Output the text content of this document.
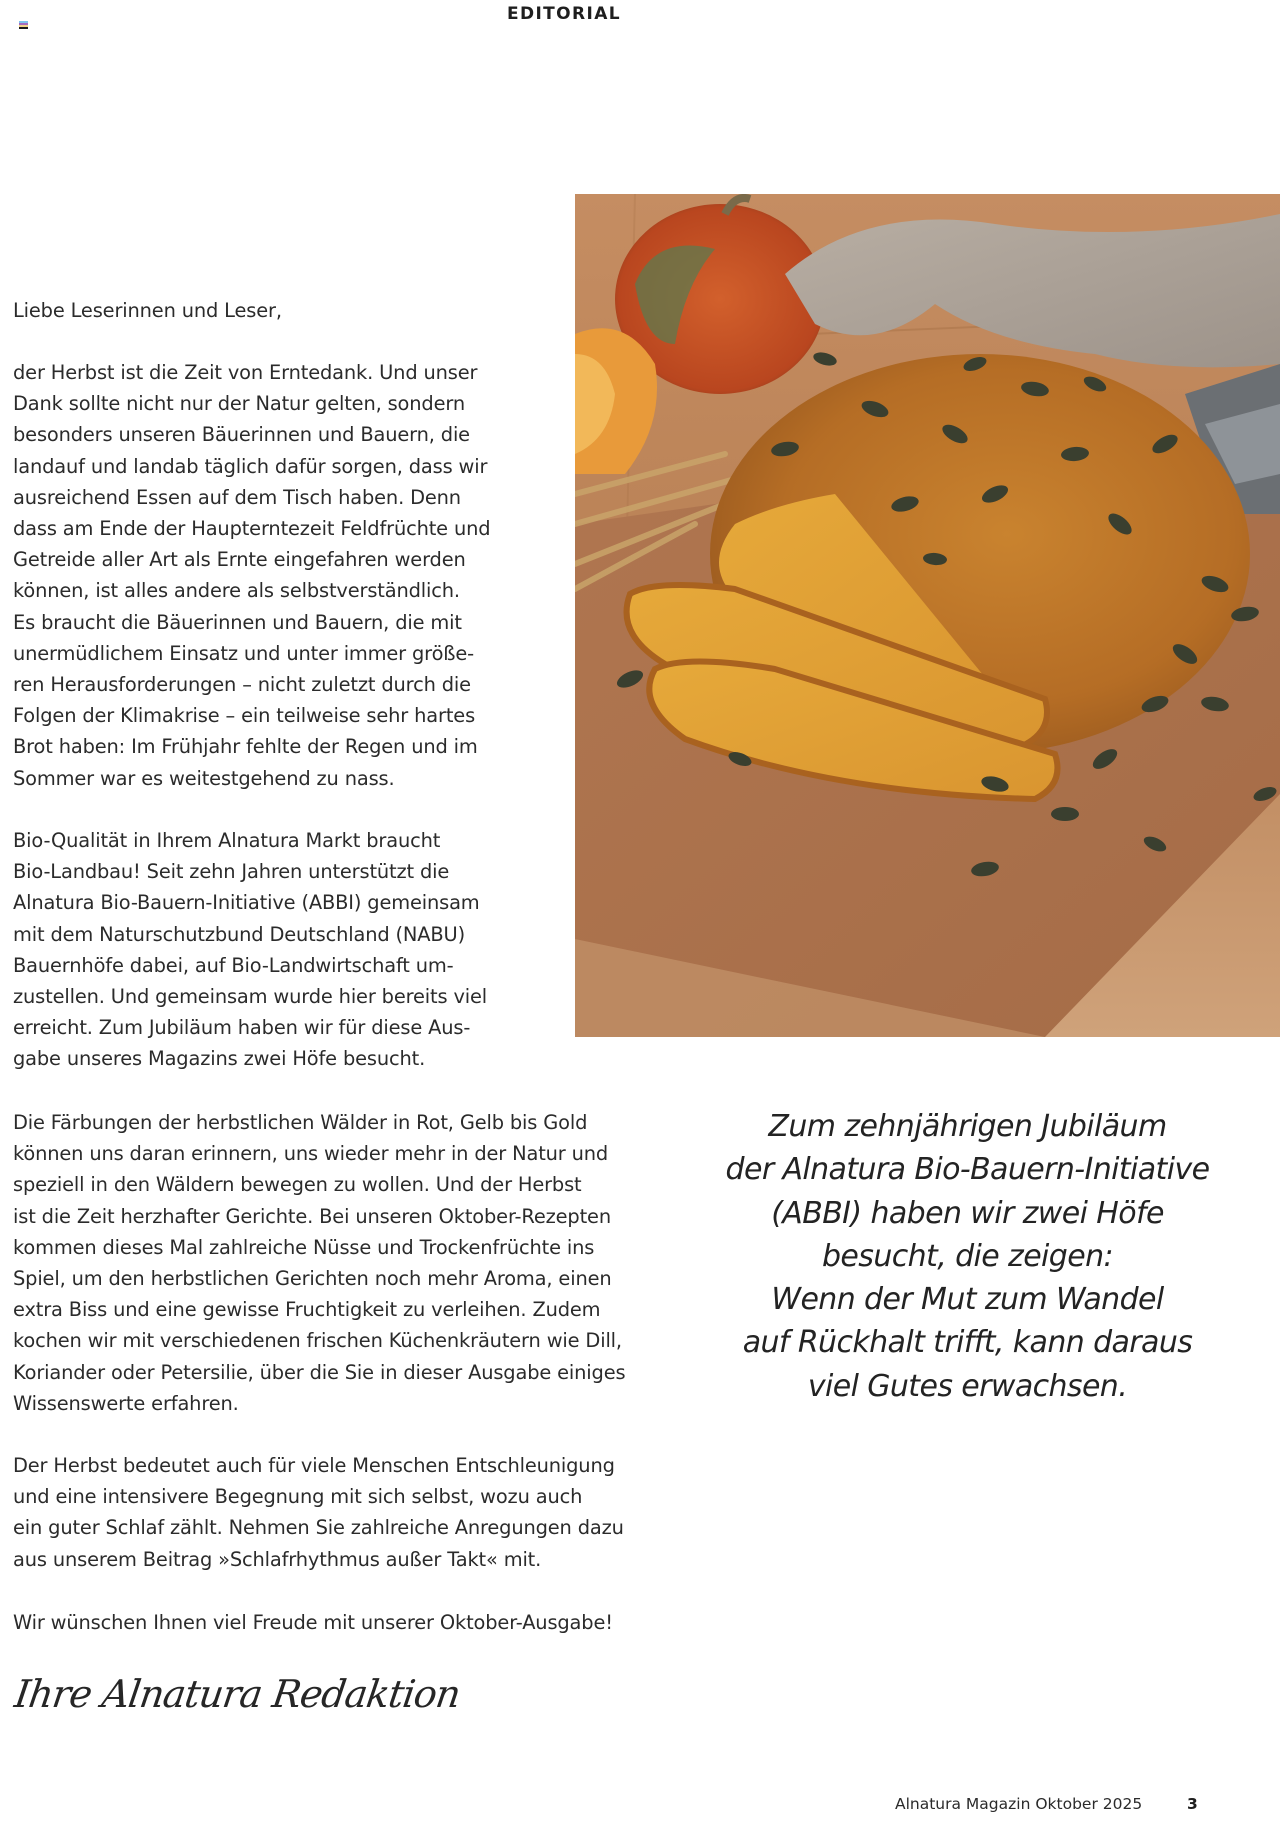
EDITORIAL
Liebe Leserinnen und Leser,
der Herbst ist die Zeit von Erntedank. Und unser
Dank sollte nicht nur der Natur gelten, sondern
besonders unseren Bäuerinnen und Bauern, die
landauf und landab täglich dafür sorgen, dass wir
ausreichend Essen auf dem Tisch haben. Denn
dass am Ende der Haupterntezeit Feldfrüchte und
Getreide aller Art als Ernte eingefahren werden
können, ist alles andere als selbstverständlich.
Es braucht die Bäuerinnen und Bauern, die mit
unermüdlichem Einsatz und unter immer größe-
ren Herausforderungen – nicht zuletzt durch die
Folgen der Klimakrise – ein teilweise sehr hartes
Brot haben: Im Frühjahr fehlte der Regen und im
Sommer war es weitestgehend zu nass.
Bio-Qualität in Ihrem Alnatura Markt braucht
Bio-Landbau! Seit zehn Jahren unterstützt die
Alnatura Bio-Bauern-Initiative (ABBI) gemeinsam
mit dem Naturschutzbund Deutschland (NABU)
Bauernhöfe dabei, auf Bio-Landwirtschaft um-
zustellen. Und gemeinsam wurde hier bereits viel
erreicht. Zum Jubiläum haben wir für diese Aus-
gabe unseres Magazins zwei Höfe besucht.
Die Färbungen der herbstlichen Wälder in Rot, Gelb bis Gold
können uns daran erinnern, uns wieder mehr in der Natur und
speziell in den Wäldern bewegen zu wollen. Und der Herbst
ist die Zeit herzhafter Gerichte. Bei unseren Oktober-Rezepten
kommen dieses Mal zahlreiche Nüsse und Trockenfrüchte ins
Spiel, um den herbstlichen Gerichten noch mehr Aroma, einen
extra Biss und eine gewisse Fruchtigkeit zu verleihen. Zudem
kochen wir mit verschiedenen frischen Küchenkräutern wie Dill,
Koriander oder Petersilie, über die Sie in dieser Ausgabe einiges
Wissenswerte erfahren.
Der Herbst bedeutet auch für viele Menschen Entschleunigung
und eine intensivere Begegnung mit sich selbst, wozu auch
ein guter Schlaf zählt. Nehmen Sie zahlreiche Anregungen dazu
aus unserem Beitrag »Schlafrhythmus außer Takt« mit.
Wir wünschen Ihnen viel Freude mit unserer Oktober-Ausgabe!
Ihre Alnatura Redaktion
Zum zehnjährigen Jubiläum
der Alnatura Bio-Bauern-Initiative
(ABBI) haben wir zwei Höfe
besucht, die zeigen:
Wenn der Mut zum Wandel
auf Rückhalt trifft, kann daraus
viel Gutes erwachsen.
Alnatura Magazin Oktober 2025	3
